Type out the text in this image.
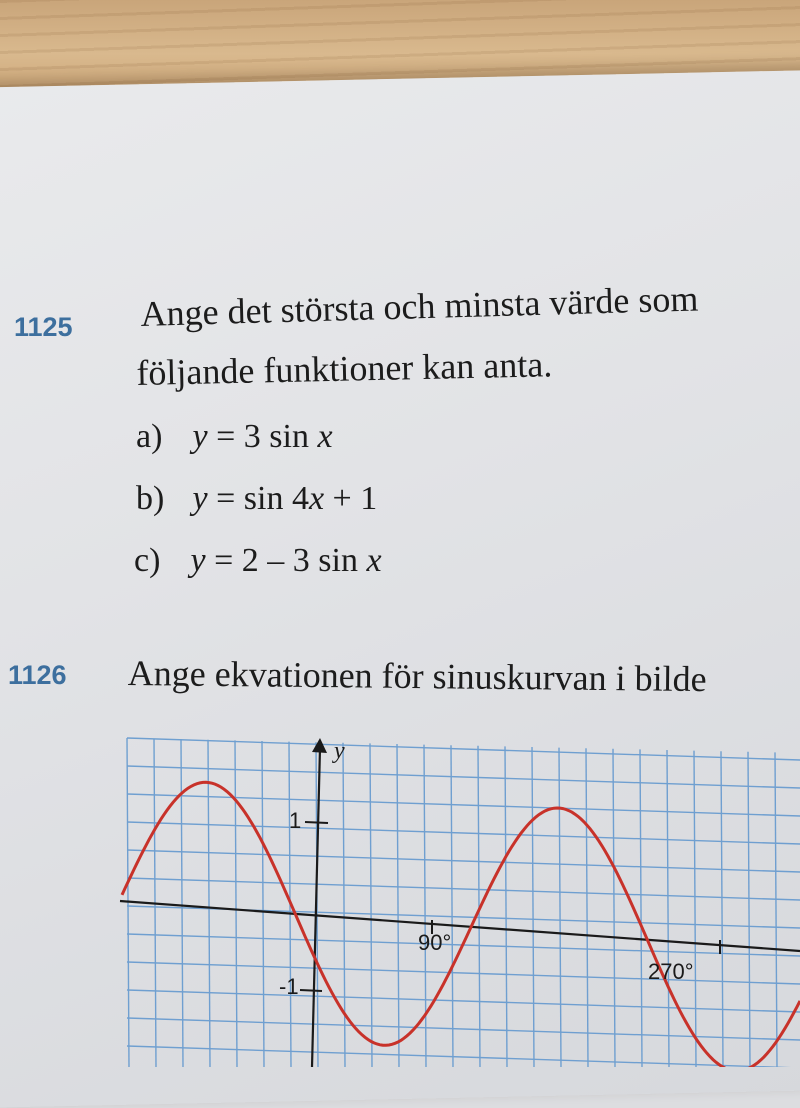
1125 Ange det största och minsta värde som
följande funktioner kan anta.
a) y = 3 sin x
b) y = sin 4x + 1
c) y = 2 – 3 sin x
1126 Ange ekvationen för sinuskurvan i bilde
y
1
-1
90°
270°
